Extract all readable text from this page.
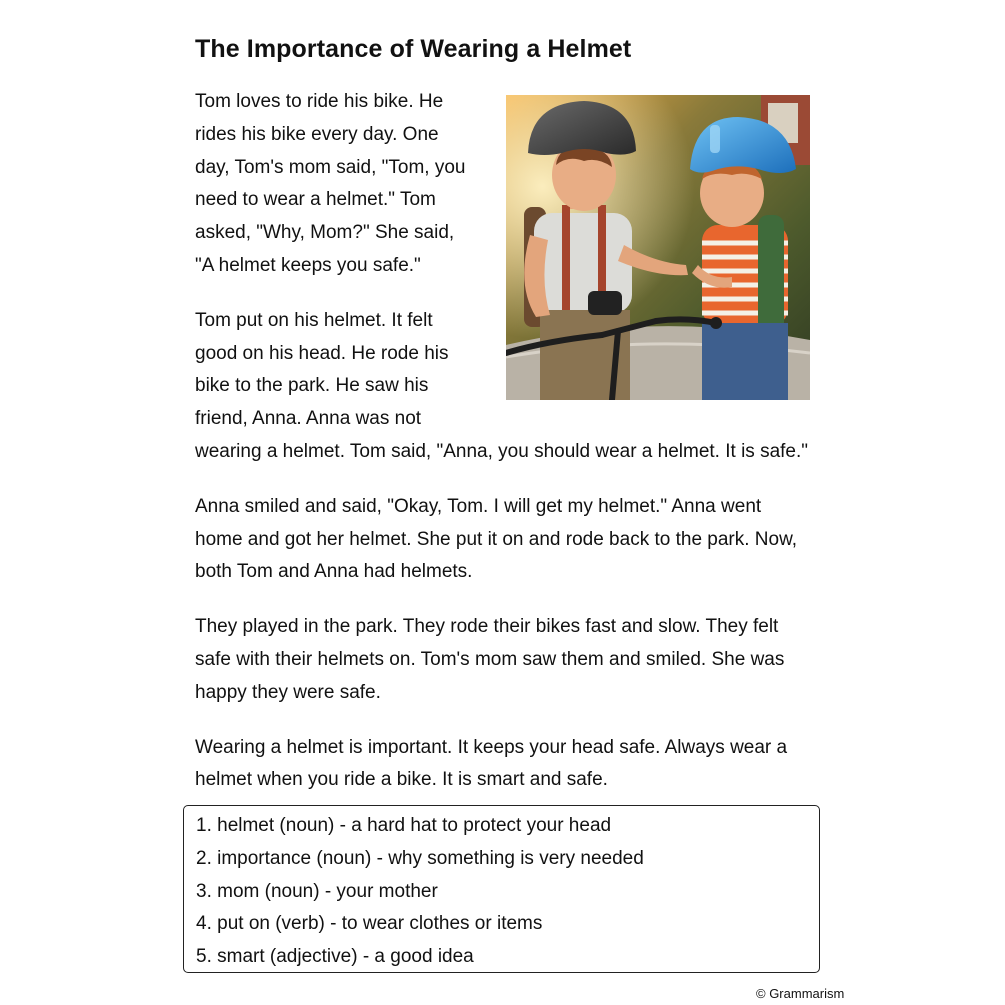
The Importance of Wearing a Helmet

Tom loves to ride his bike. He rides his bike every day. One day, Tom's mom said, "Tom, you need to wear a helmet." Tom asked, "Why, Mom?" She said, "A helmet keeps you safe."

Tom put on his helmet. It felt good on his head. He rode his bike to the park. He saw his friend, Anna. Anna was not wearing a helmet. Tom said, "Anna, you should wear a helmet. It is safe."

Anna smiled and said, "Okay, Tom. I will get my helmet." Anna went home and got her helmet. She put it on and rode back to the park. Now, both Tom and Anna had helmets.

They played in the park. They rode their bikes fast and slow. They felt safe with their helmets on. Tom's mom saw them and smiled. She was happy they were safe.

Wearing a helmet is important. It keeps your head safe. Always wear a helmet when you ride a bike. It is smart and safe.

1. helmet (noun) - a hard hat to protect your head
2. importance (noun) - why something is very needed
3. mom (noun) - your mother
4. put on (verb) - to wear clothes or items
5. smart (adjective) - a good idea
© Grammarism
